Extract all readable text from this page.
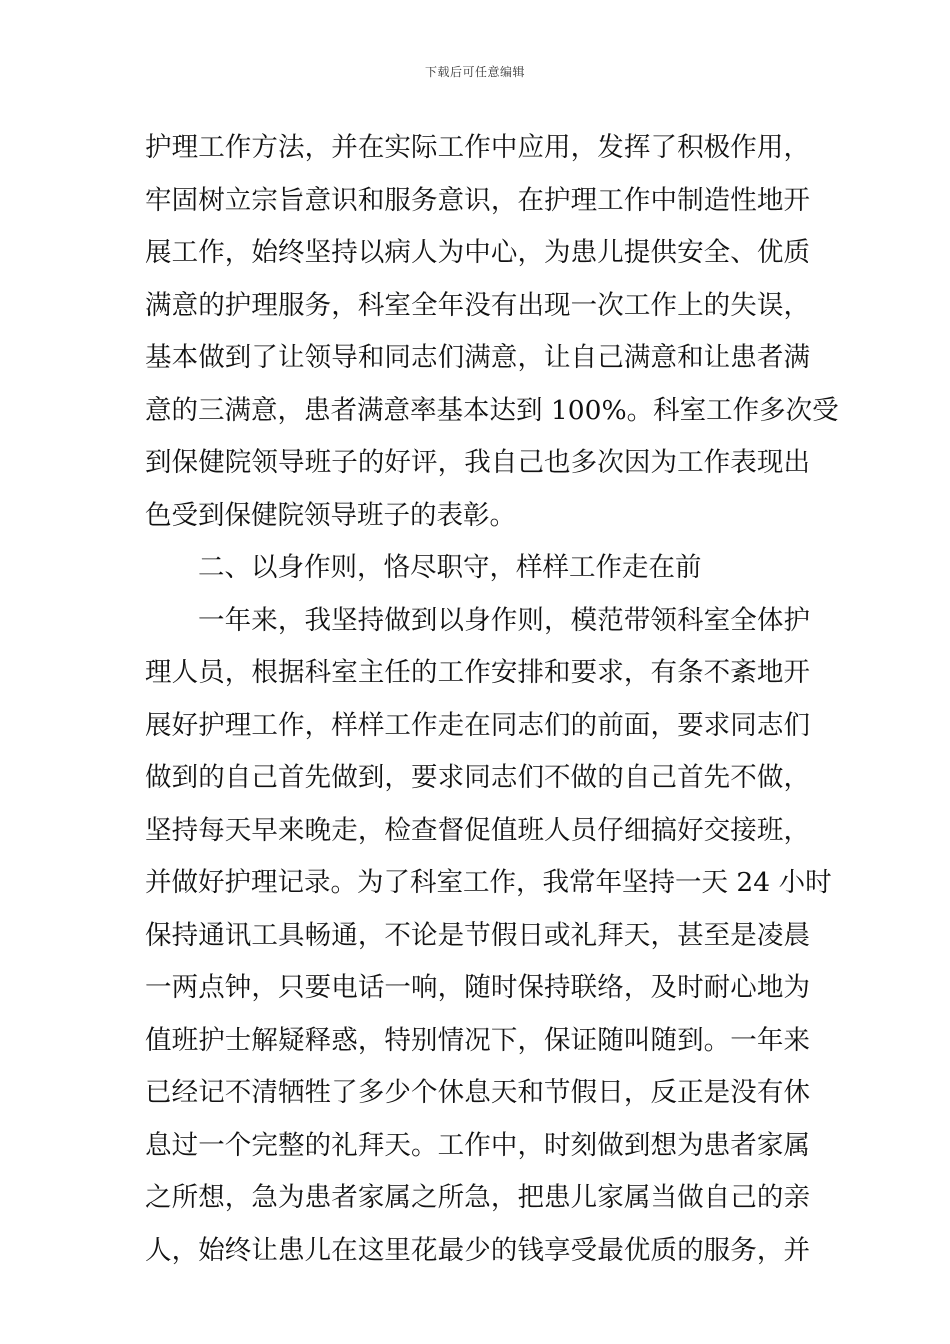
下载后可任意编辑
护理工作方法，并在实际工作中应用，发挥了积极作用，
牢固树立宗旨意识和服务意识，在护理工作中制造性地开
展工作，始终坚持以病人为中心，为患儿提供安全、优质
满意的护理服务，科室全年没有出现一次工作上的失误，
基本做到了让领导和同志们满意，让自己满意和让患者满
意的三满意，患者满意率基本达到 100%。科室工作多次受
到保健院领导班子的好评，我自己也多次因为工作表现出
色受到保健院领导班子的表彰。
二、以身作则，恪尽职守，样样工作走在前
一年来，我坚持做到以身作则，模范带领科室全体护
理人员，根据科室主任的工作安排和要求，有条不紊地开
展好护理工作，样样工作走在同志们的前面，要求同志们
做到的自己首先做到，要求同志们不做的自己首先不做，
坚持每天早来晚走，检查督促值班人员仔细搞好交接班，
并做好护理记录。为了科室工作，我常年坚持一天 24 小时
保持通讯工具畅通，不论是节假日或礼拜天，甚至是凌晨
一两点钟，只要电话一响，随时保持联络，及时耐心地为
值班护士解疑释惑，特别情况下，保证随叫随到。一年来
已经记不清牺牲了多少个休息天和节假日，反正是没有休
息过一个完整的礼拜天。工作中，时刻做到想为患者家属
之所想，急为患者家属之所急，把患儿家属当做自己的亲
人，始终让患儿在这里花最少的钱享受最优质的服务，并
